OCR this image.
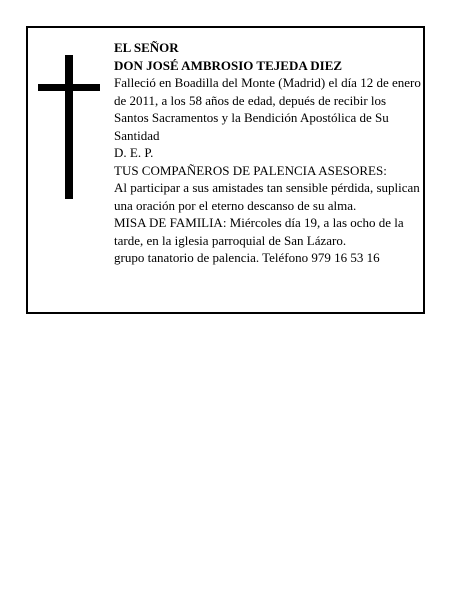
EL SEÑOR
DON JOSÉ AMBROSIO TEJEDA DIEZ
Falleció en Boadilla del Monte (Madrid) el día 12 de enero de 2011, a los 58 años de edad, depués de recibir los Santos Sacramentos y la Bendición Apostólica de Su Santidad
D. E. P.
TUS COMPAÑEROS DE PALENCIA ASESORES:
Al participar a sus amistades tan sensible pérdida, suplican una oración por el eterno descanso de su alma.
MISA DE FAMILIA: Miércoles día 19, a las ocho de la tarde, en la iglesia parroquial de San Lázaro.
grupo tanatorio de palencia. Teléfono 979 16 53 16
